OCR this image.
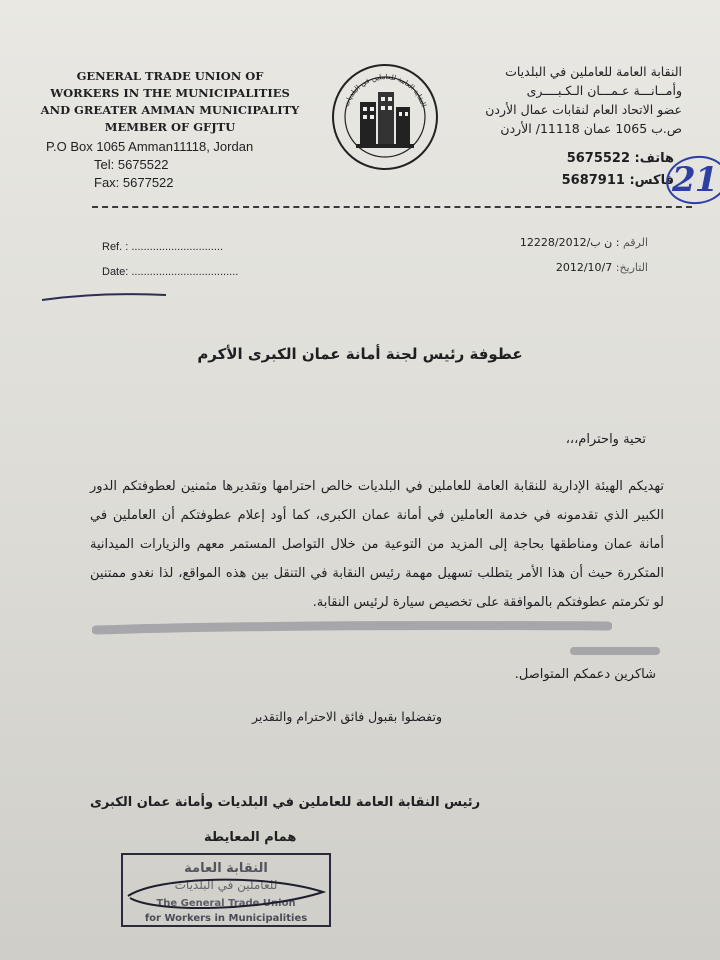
GENERAL TRADE UNION OF
WORKERS IN THE MUNICIPALITIES
AND GREATER AMMAN MUNICIPALITY
MEMBER OF GFJTU
P.O Box 1065 Amman11118, Jordan
Tel: 5675522
Fax: 5677522
النقابة العامة للعاملين في البلديات
النقابة العامة للعاملين في البلديات
وأمــانـــة عـمـــان الـكـبــــرى
عضو الاتحاد العام لنقابات عمال الأردن
ص.ب 1065 عمان 11118/ الأردن
هاتف: 5675522
فاكس: 5687911
21
Ref. : ..............................
Date: ...................................
الرقم : ن ب/12228/2012
التاريخ: 2012/10/7
عطوفة رئيس لجنة أمانة عمان الكبرى الأكرم
تحية واحترام،،،
تهديكم الهيئة الإدارية للنقابة العامة للعاملين في البلديات خالص احترامها وتقديرها مثمنين لعطوفتكم الدور الكبير الذي تقدمونه في خدمة العاملين في أمانة عمان الكبرى، كما أود إعلام عطوفتكم أن العاملين في أمانة عمان ومناطقها بحاجة إلى المزيد من التوعية من خلال التواصل المستمر معهم والزيارات الميدانية المتكررة حيث أن هذا الأمر يتطلب تسهيل مهمة رئيس النقابة في التنقل بين هذه المواقع، لذا نغدو ممتنين لو تكرمتم عطوفتكم بالموافقة على تخصيص سيارة لرئيس النقابة.
شاكرين دعمكم المتواصل.
وتفضلوا بقبول فائق الاحترام والتقدير
رئيس النقابة العامة للعاملين في البلديات وأمانة عمان الكبرى
همام المعايطة
النقابة العامة
للعاملين في البلديات
The General Trade Union
for Workers in Municipalities
